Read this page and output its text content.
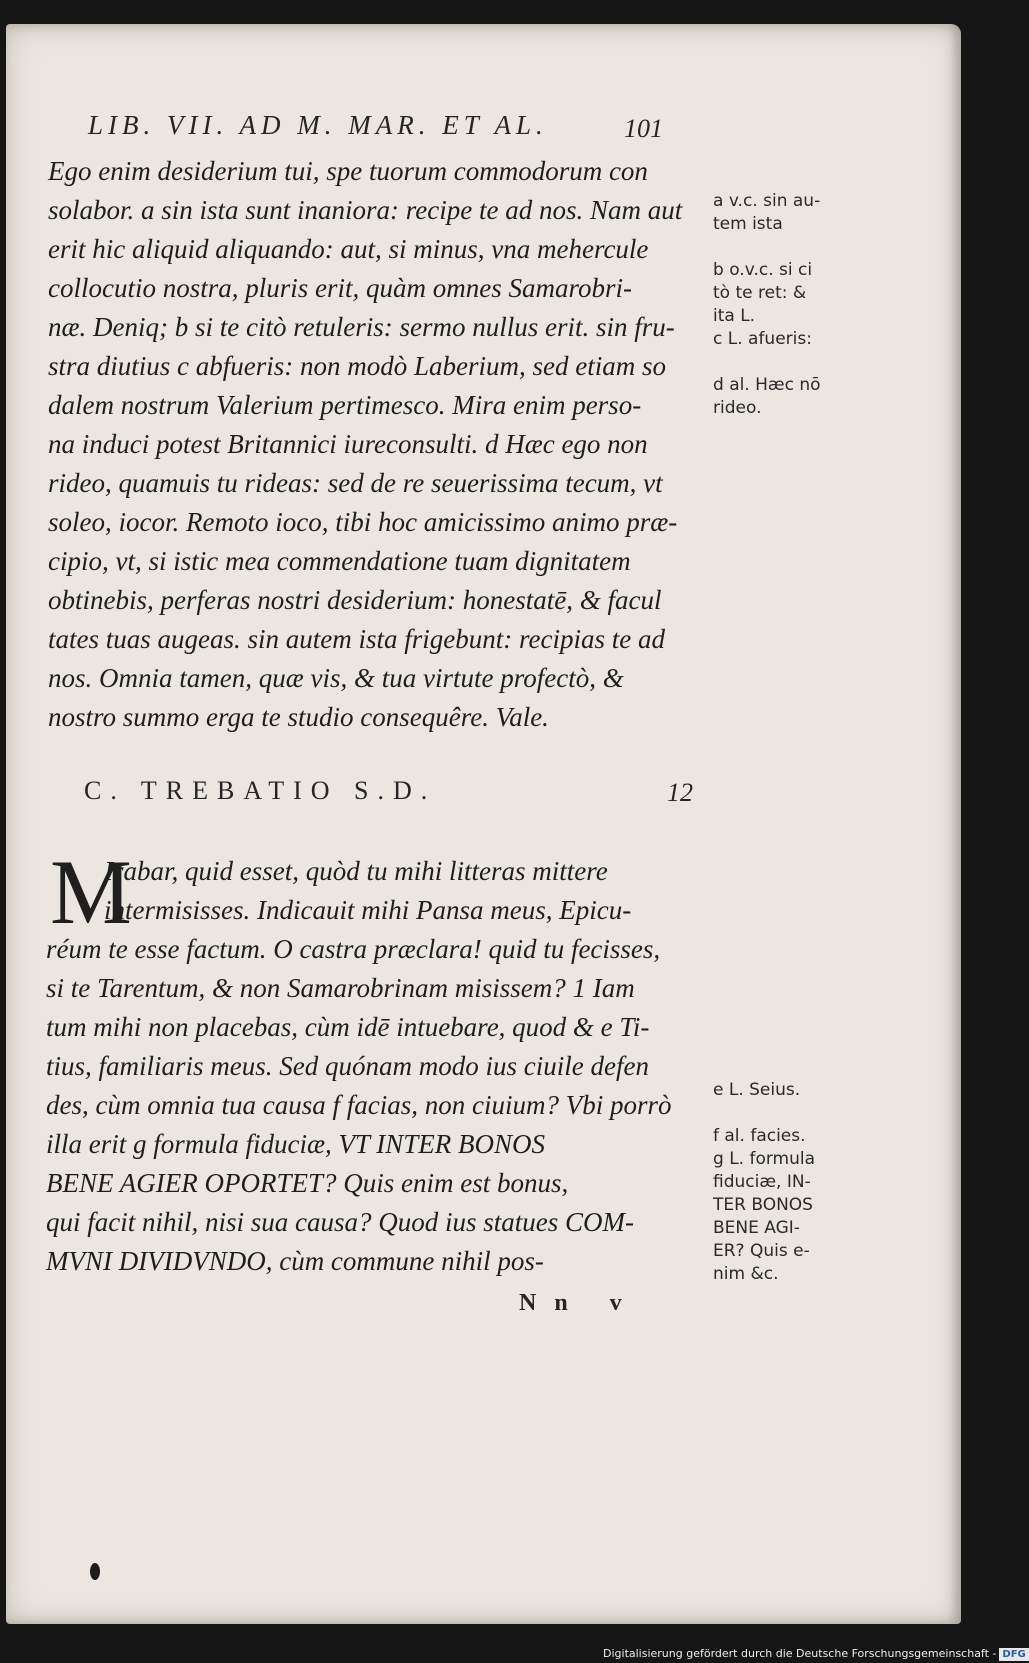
LIB. VII. AD M. MAR. ET AL.	101
Ego enim desiderium tui, spe tuorum commodorum con
solabor. a sin ista sunt inaniora: recipe te ad nos. Nam aut
erit hic aliquid aliquando: aut, si minus, vna mehercule
collocutio nostra, pluris erit, quàm omnes Samarobri-
næ. Deniq; b si te citò retuleris: sermo nullus erit. sin fru-
stra diutius c abfueris: non modò Laberium, sed etiam so
dalem nostrum Valerium pertimesco. Mira enim perso-
na induci potest Britannici iureconsulti. d Hæc ego non
rideo, quamuis tu rideas: sed de re seuerissima tecum, vt
soleo, iocor. Remoto ioco, tibi hoc amicissimo animo præ-
cipio, vt, si istic mea commendatione tuam dignitatem
obtinebis, perferas nostri desiderium: honestatē, & facul
tates tuas augeas. sin autem ista frigebunt: recipias te ad
nos. Omnia tamen, quæ vis, & tua virtute profectò, &
nostro summo erga te studio consequêre. Vale.
a v.c. sin au-
tem ista
b o.v.c. si ci
tò te ret: &
ita L.
c L. afueris:
d al. Hæc nō
rideo.
C. TREBATIO S.D.	12
M
Irabar, quid esset, quòd tu mihi litteras mittere
intermisisses. Indicauit mihi Pansa meus, Epicu-
réum te esse factum. O castra præclara! quid tu fecisses,
si te Tarentum, & non Samarobrinam misissem? 1 Iam
tum mihi non placebas, cùm idē intuebare, quod & e Ti-
tius, familiaris meus. Sed quónam modo ius ciuile defen
des, cùm omnia tua causa f facias, non ciuium? Vbi porrò
illa erit g formula fiduciæ, VT INTER BONOS
BENE AGIER OPORTET? Quis enim est bonus,
qui facit nihil, nisi sua causa? Quod ius statues COM-
MVNI DIVIDVNDO, cùm commune nihil pos-
e L. Seius.
f al. facies.
g L. formula
fiduciæ, IN-
TER BONOS
BENE AGI-
ER? Quis e-
nim &c.
Nn v
Digitalisierung gefördert durch die Deutsche Forschungsgemeinschaft - DFG
